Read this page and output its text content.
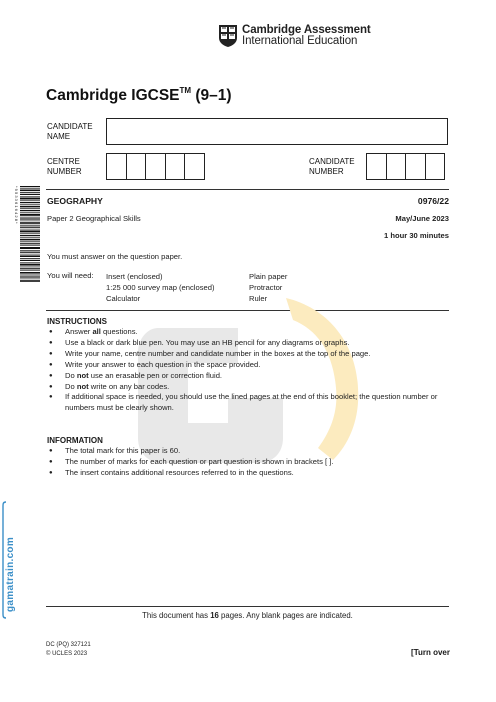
Cambridge Assessment
International Education
Cambridge IGCSE™ (9–1)
CANDIDATE
NAME
CENTRE
NUMBER
CANDIDATE
NUMBER
* 9 5 3 3 6 1 6 4 2 8 *	GEOGRAPHY	0976/22
Paper 2 Geographical Skills	May/June 2023
1 hour 30 minutes
You must answer on the question paper.
You will need: Insert (enclosed)
1:25 000 survey map (enclosed)
Calculator
Plain paper
Protractor
Ruler
INSTRUCTIONS
● Answer all questions.
● Use a black or dark blue pen. You may use an HB pencil for any diagrams or graphs.
● Write your name, centre number and candidate number in the boxes at the top of the page.
● Write your answer to each question in the space provided.
● Do not use an erasable pen or correction fluid.
● Do not write on any bar codes.
● If additional space is needed, you should use the lined pages at the end of this booklet; the question number or numbers must be clearly shown.
INFORMATION
● The total mark for this paper is 60.
● The number of marks for each question or part question is shown in brackets [ ].
● The insert contains additional resources referred to in the questions.
gamatrain.com
This document has 16 pages. Any blank pages are indicated.
DC (PQ) 327121
© UCLES 2023	[Turn over
